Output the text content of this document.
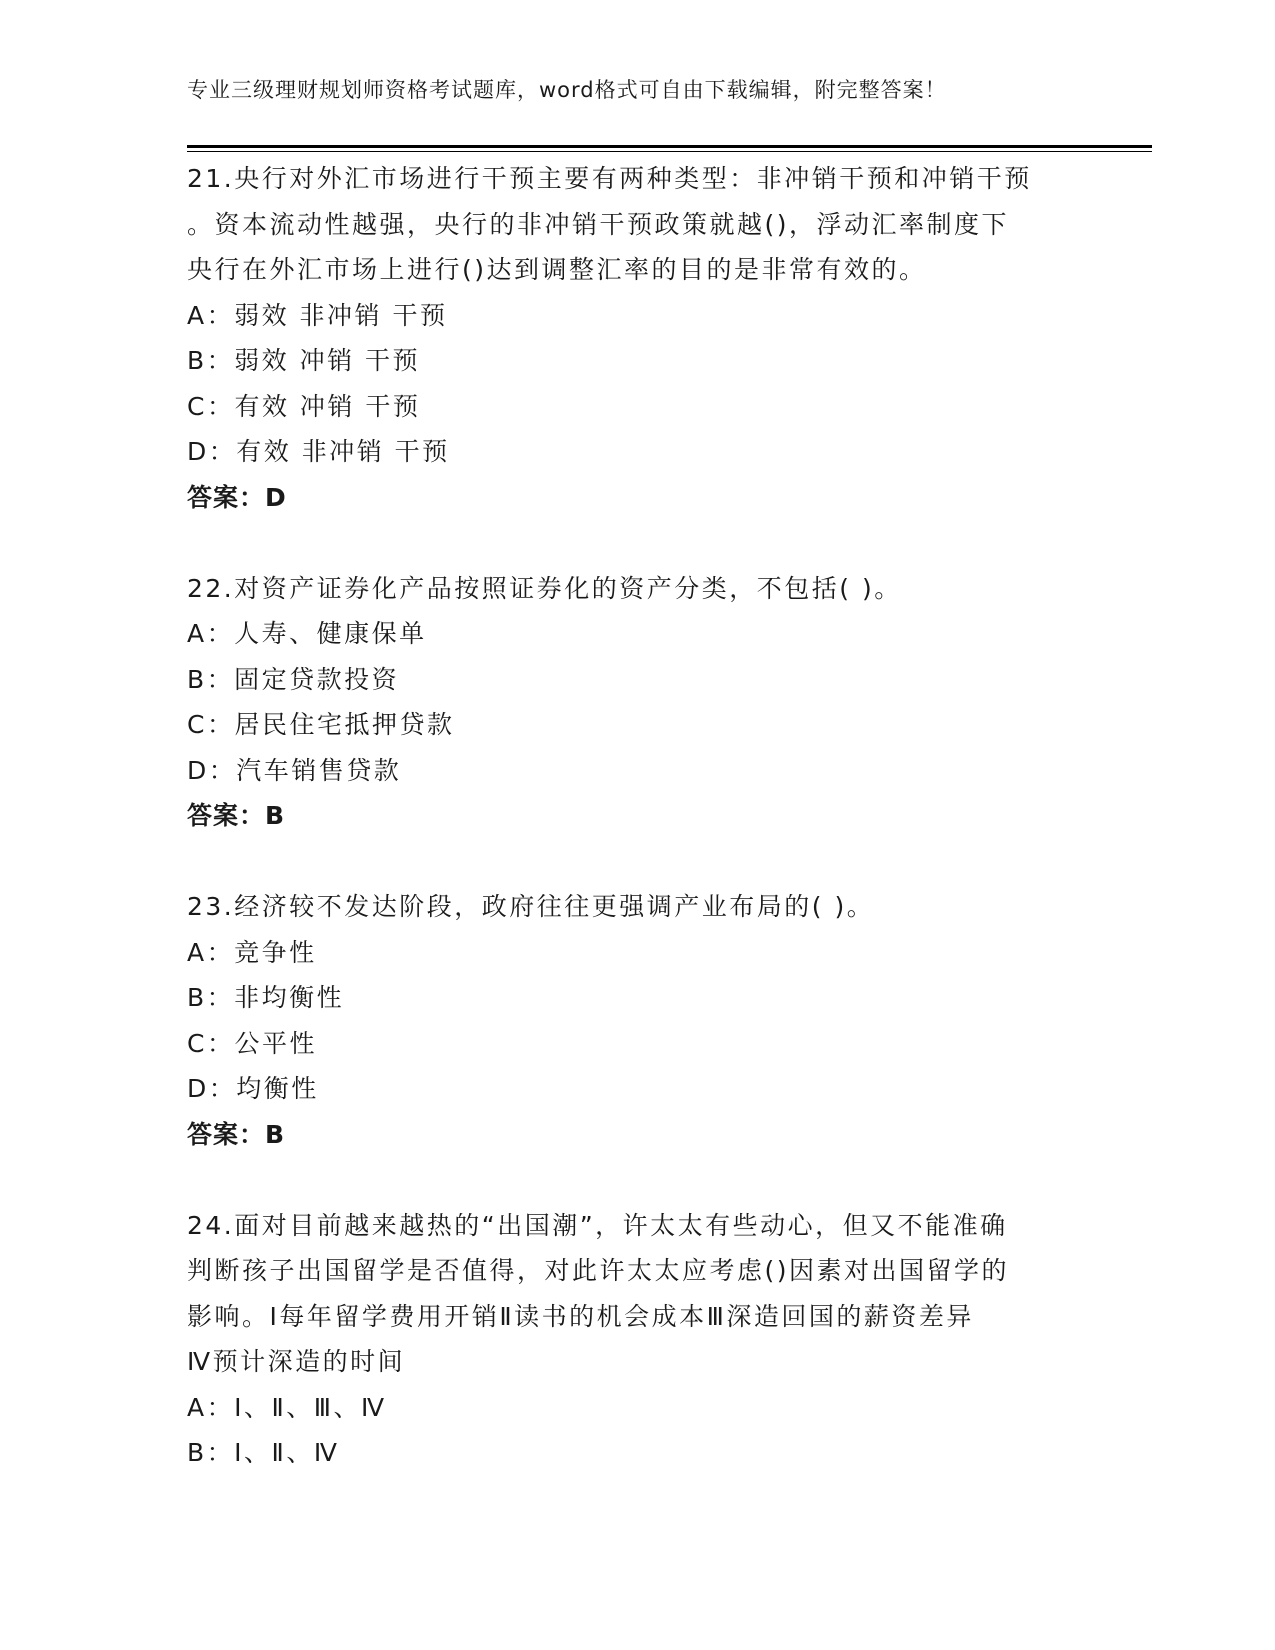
专业三级理财规划师资格考试题库，word格式可自由下载编辑，附完整答案！
21.央行对外汇市场进行干预主要有两种类型：非冲销干预和冲销干预
。资本流动性越强，央行的非冲销干预政策就越()，浮动汇率制度下
央行在外汇市场上进行()达到调整汇率的目的是非常有效的。
A：弱效 非冲销 干预
B：弱效 冲销 干预
C：有效 冲销 干预
D：有效 非冲销 干预
答案：D
22.对资产证券化产品按照证券化的资产分类，不包括( )。
A：人寿、健康保单
B：固定贷款投资
C：居民住宅抵押贷款
D：汽车销售贷款
答案：B
23.经济较不发达阶段，政府往往更强调产业布局的( )。
A：竞争性
B：非均衡性
C：公平性
D：均衡性
答案：B
24.面对目前越来越热的“出国潮”，许太太有些动心，但又不能准确
判断孩子出国留学是否值得，对此许太太应考虑()因素对出国留学的
影响。Ⅰ每年留学费用开销Ⅱ读书的机会成本Ⅲ深造回国的薪资差异
Ⅳ预计深造的时间
A：Ⅰ、Ⅱ、Ⅲ、Ⅳ
B：Ⅰ、Ⅱ、Ⅳ
